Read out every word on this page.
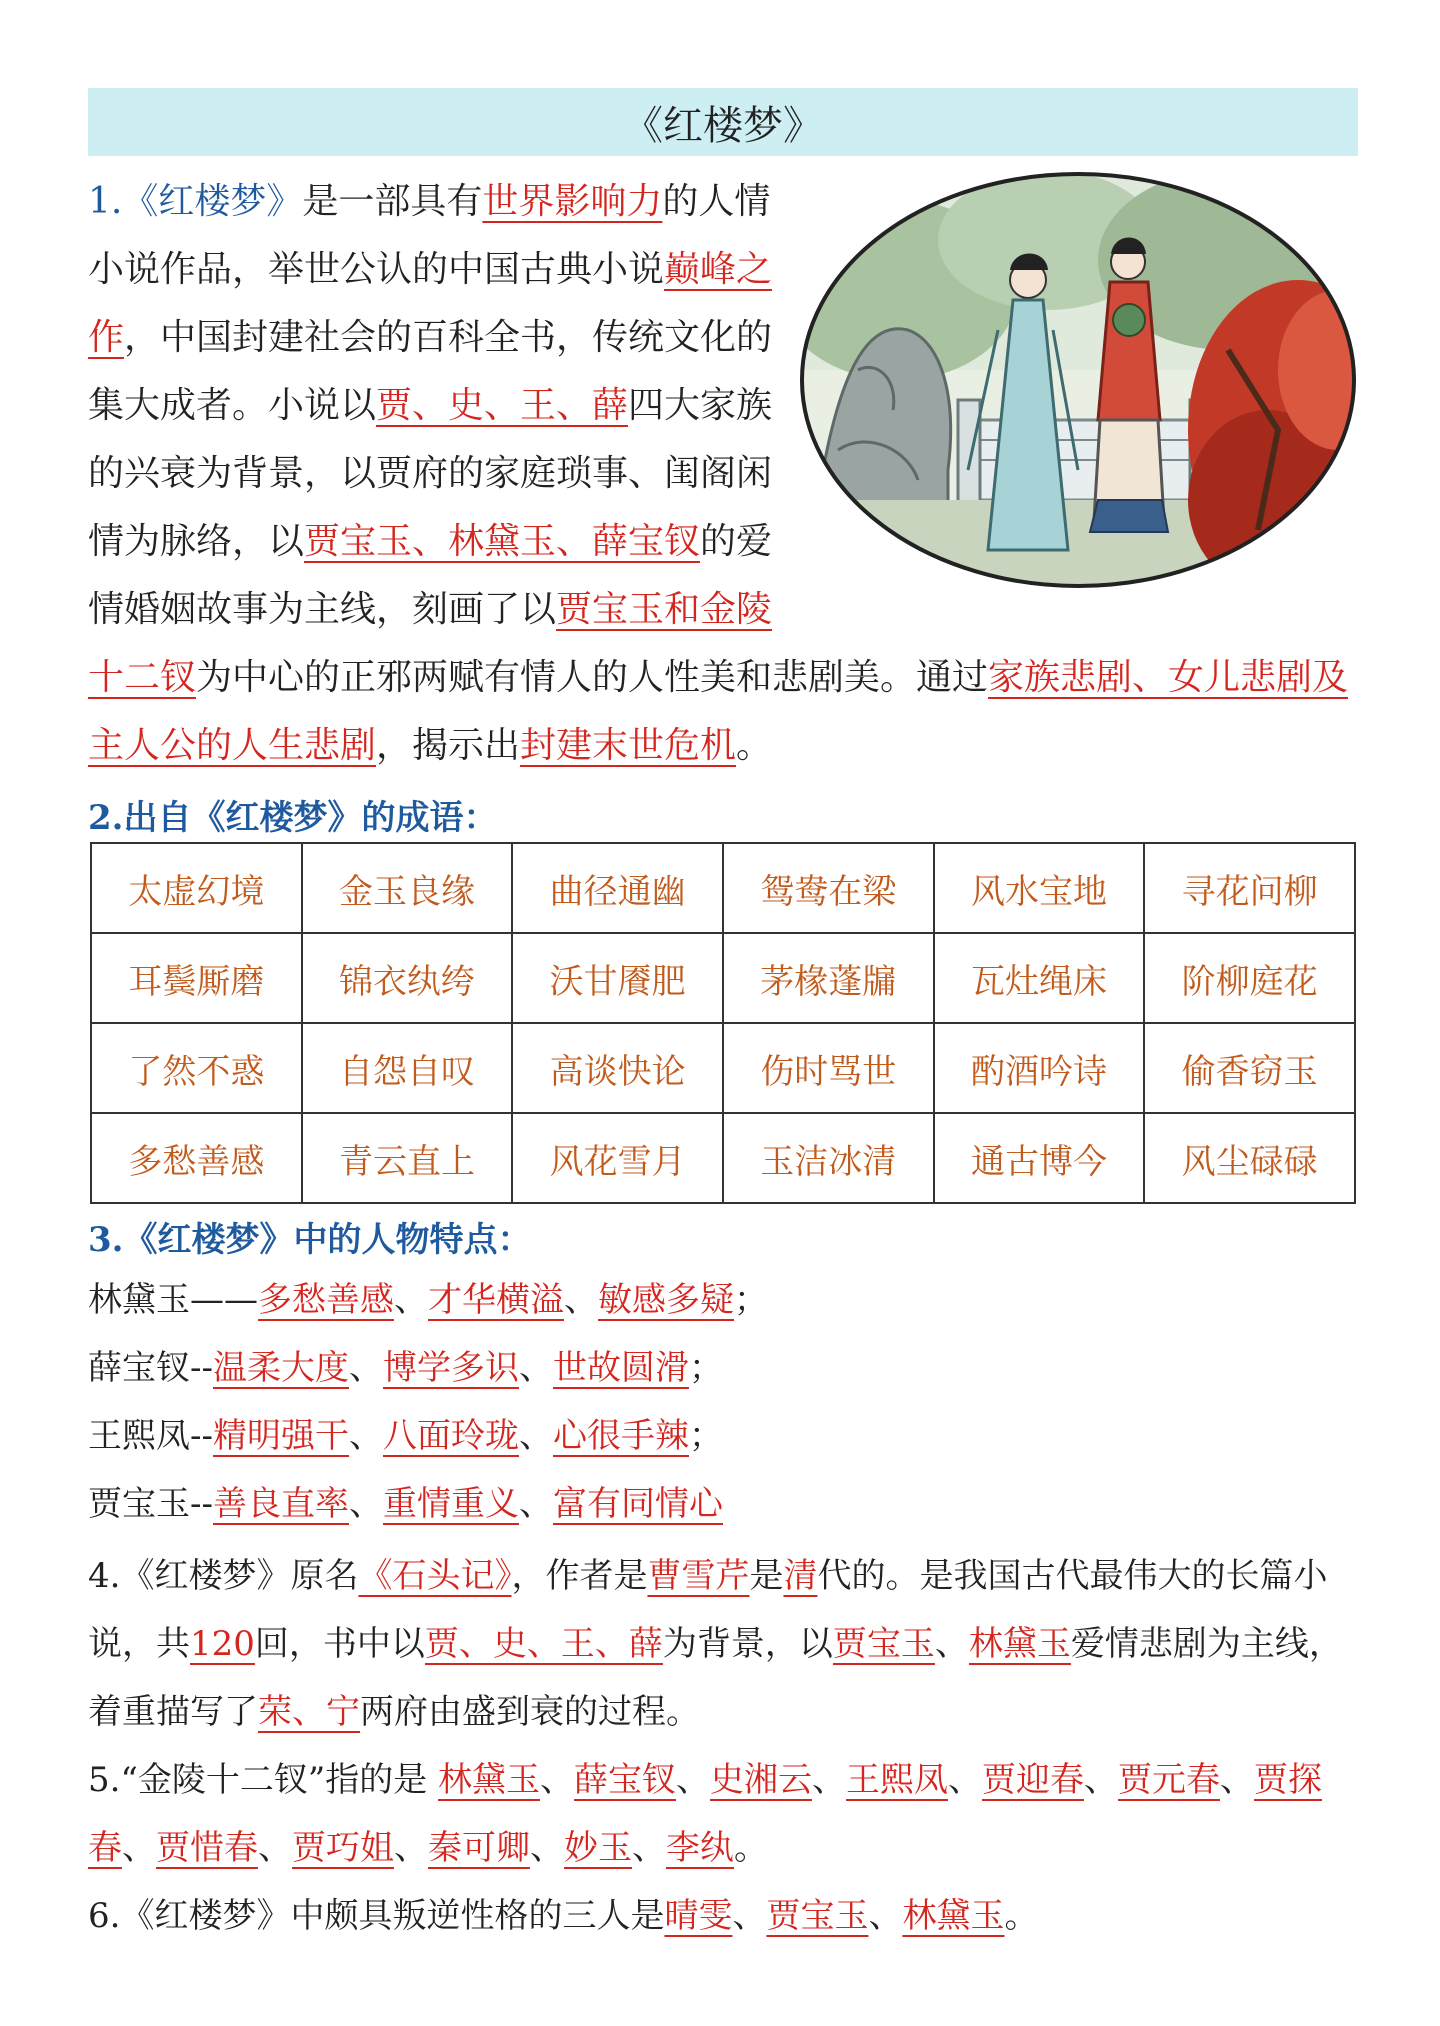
《红楼梦》
1.《红楼梦》是一部具有世界影响力的人情小说作品，举世公认的中国古典小说巅峰之作，中国封建社会的百科全书，传统文化的集大成者。小说以贾、史、王、薛四大家族的兴衰为背景，以贾府的家庭琐事、闺阁闲情为脉络，以贾宝玉、林黛玉、薛宝钗的爱情婚姻故事为主线，刻画了以贾宝玉和金陵十二钗为中心的正邪两赋有情人的人性美和悲剧美。通过家族悲剧、女儿悲剧及主人公的人生悲剧，揭示出封建末世危机。
2.出自《红楼梦》的成语：
太虚幻境	金玉良缘	曲径通幽	鸳鸯在梁	风水宝地	寻花问柳
耳鬓厮磨	锦衣纨绔	沃甘餍肥	茅椽蓬牖	瓦灶绳床	阶柳庭花
了然不惑	自怨自叹	高谈快论	伤时骂世	酌酒吟诗	偷香窃玉
多愁善感	青云直上	风花雪月	玉洁冰清	通古博今	风尘碌碌
3.《红楼梦》中的人物特点：
林黛玉——多愁善感、才华横溢、敏感多疑；
薛宝钗--温柔大度、博学多识、世故圆滑；
王熙凤--精明强干、八面玲珑、心很手辣；
贾宝玉--善良直率、重情重义、富有同情心
4.《红楼梦》原名《石头记》，作者是曹雪芹是清代的。是我国古代最伟大的长篇小说，共120回，书中以贾、史、王、薛为背景，以贾宝玉、林黛玉爱情悲剧为主线，着重描写了荣、宁两府由盛到衰的过程。
5.“金陵十二钗”指的是 林黛玉、薛宝钗、史湘云、王熙凤、贾迎春、贾元春、贾探春、贾惜春、贾巧姐、秦可卿、妙玉、李纨。
6.《红楼梦》中颇具叛逆性格的三人是晴雯、贾宝玉、林黛玉。
